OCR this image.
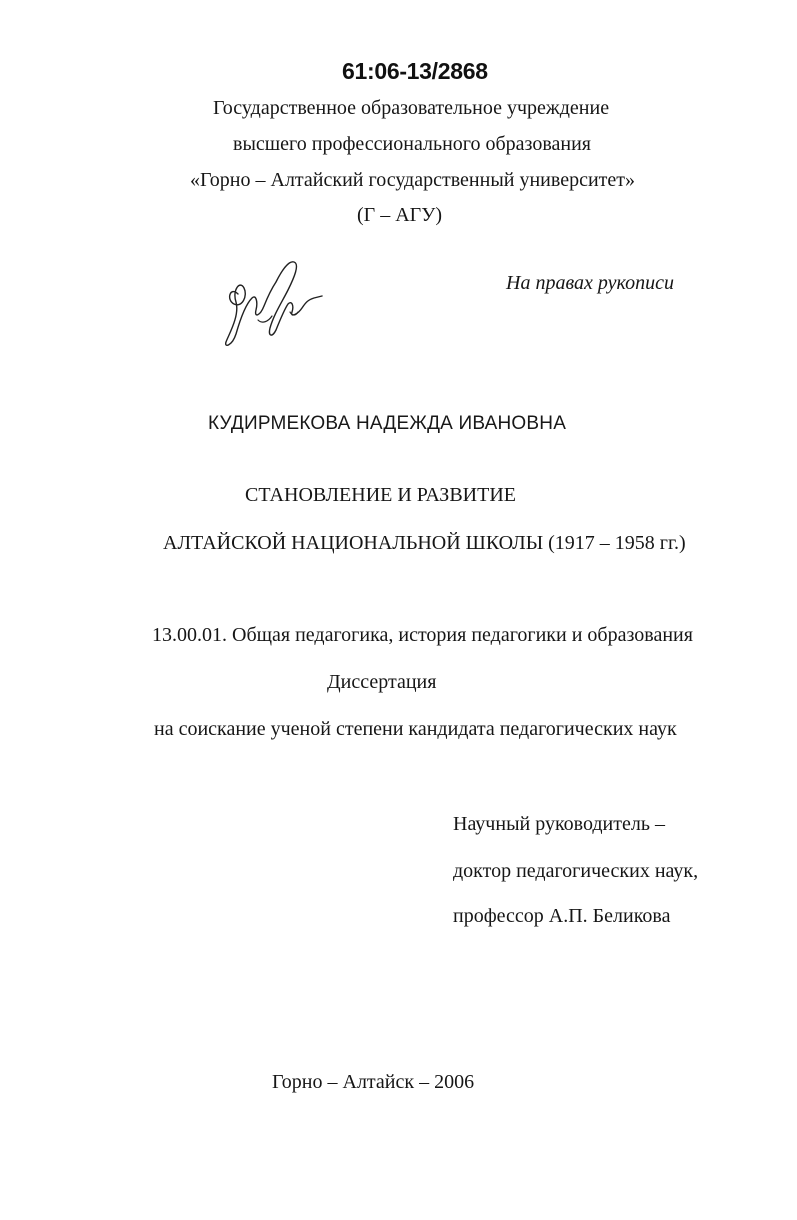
61:06-13/2868
Государственное образовательное учреждение
высшего профессионального образования
«Горно – Алтайский государственный университет»
(Г – АГУ)
На правах рукописи
КУДИРМЕКОВА НАДЕЖДА ИВАНОВНА
СТАНОВЛЕНИЕ И РАЗВИТИЕ
АЛТАЙСКОЙ НАЦИОНАЛЬНОЙ ШКОЛЫ (1917 – 1958 гг.)
13.00.01. Общая педагогика, история педагогики и образования
Диссертация
на соискание ученой степени кандидата педагогических наук
Научный руководитель –
доктор педагогических наук,
профессор А.П. Беликова
Горно – Алтайск – 2006
